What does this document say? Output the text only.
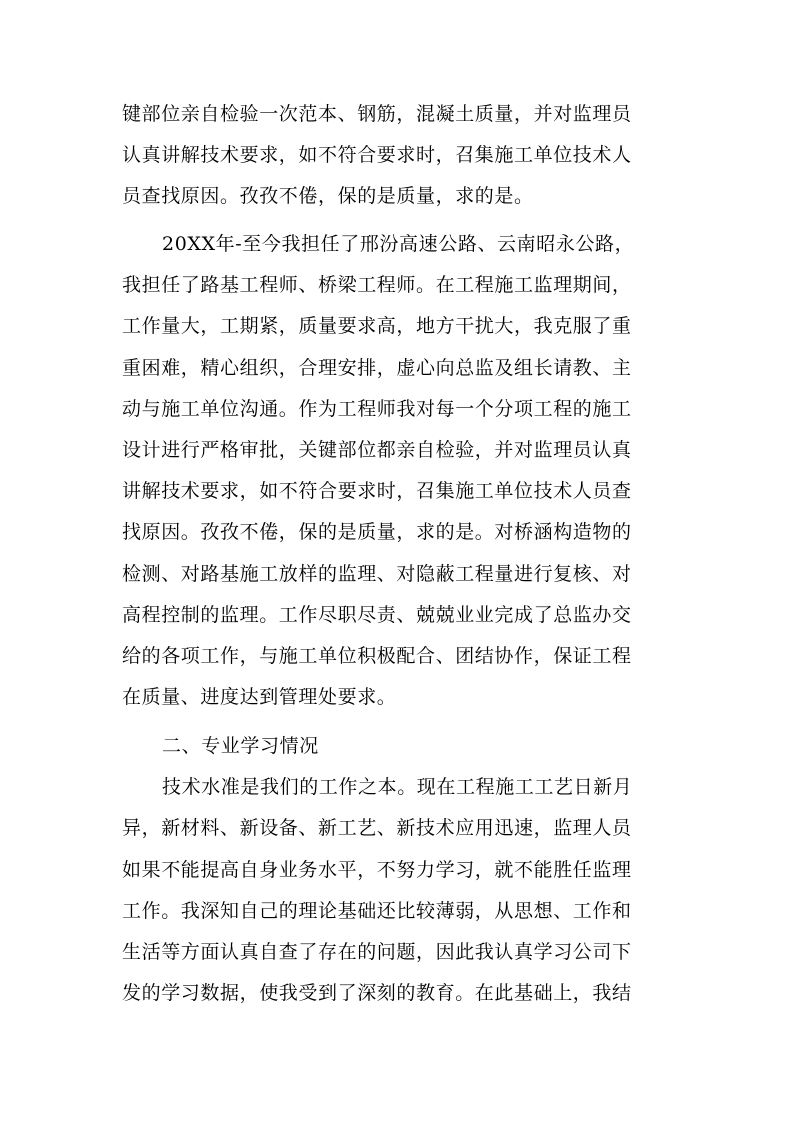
键部位亲自检验一次范本、钢筋，混凝土质量，并对监理员
认真讲解技术要求，如不符合要求时，召集施工单位技术人
员查找原因。孜孜不倦，保的是质量，求的是。
20XX年-至今我担任了邢汾高速公路、云南昭永公路，
我担任了路基工程师、桥梁工程师。在工程施工监理期间，
工作量大，工期紧，质量要求高，地方干扰大，我克服了重
重困难，精心组织，合理安排，虚心向总监及组长请教、主
动与施工单位沟通。作为工程师我对每一个分项工程的施工
设计进行严格审批，关键部位都亲自检验，并对监理员认真
讲解技术要求，如不符合要求时，召集施工单位技术人员查
找原因。孜孜不倦，保的是质量，求的是。对桥涵构造物的
检测、对路基施工放样的监理、对隐蔽工程量进行复核、对
高程控制的监理。工作尽职尽责、兢兢业业完成了总监办交
给的各项工作，与施工单位积极配合、团结协作，保证工程
在质量、进度达到管理处要求。
二、专业学习情况
技术水准是我们的工作之本。现在工程施工工艺日新月
异，新材料、新设备、新工艺、新技术应用迅速，监理人员
如果不能提高自身业务水平，不努力学习，就不能胜任监理
工作。我深知自己的理论基础还比较薄弱，从思想、工作和
生活等方面认真自查了存在的问题，因此我认真学习公司下
发的学习数据，使我受到了深刻的教育。在此基础上，我结
